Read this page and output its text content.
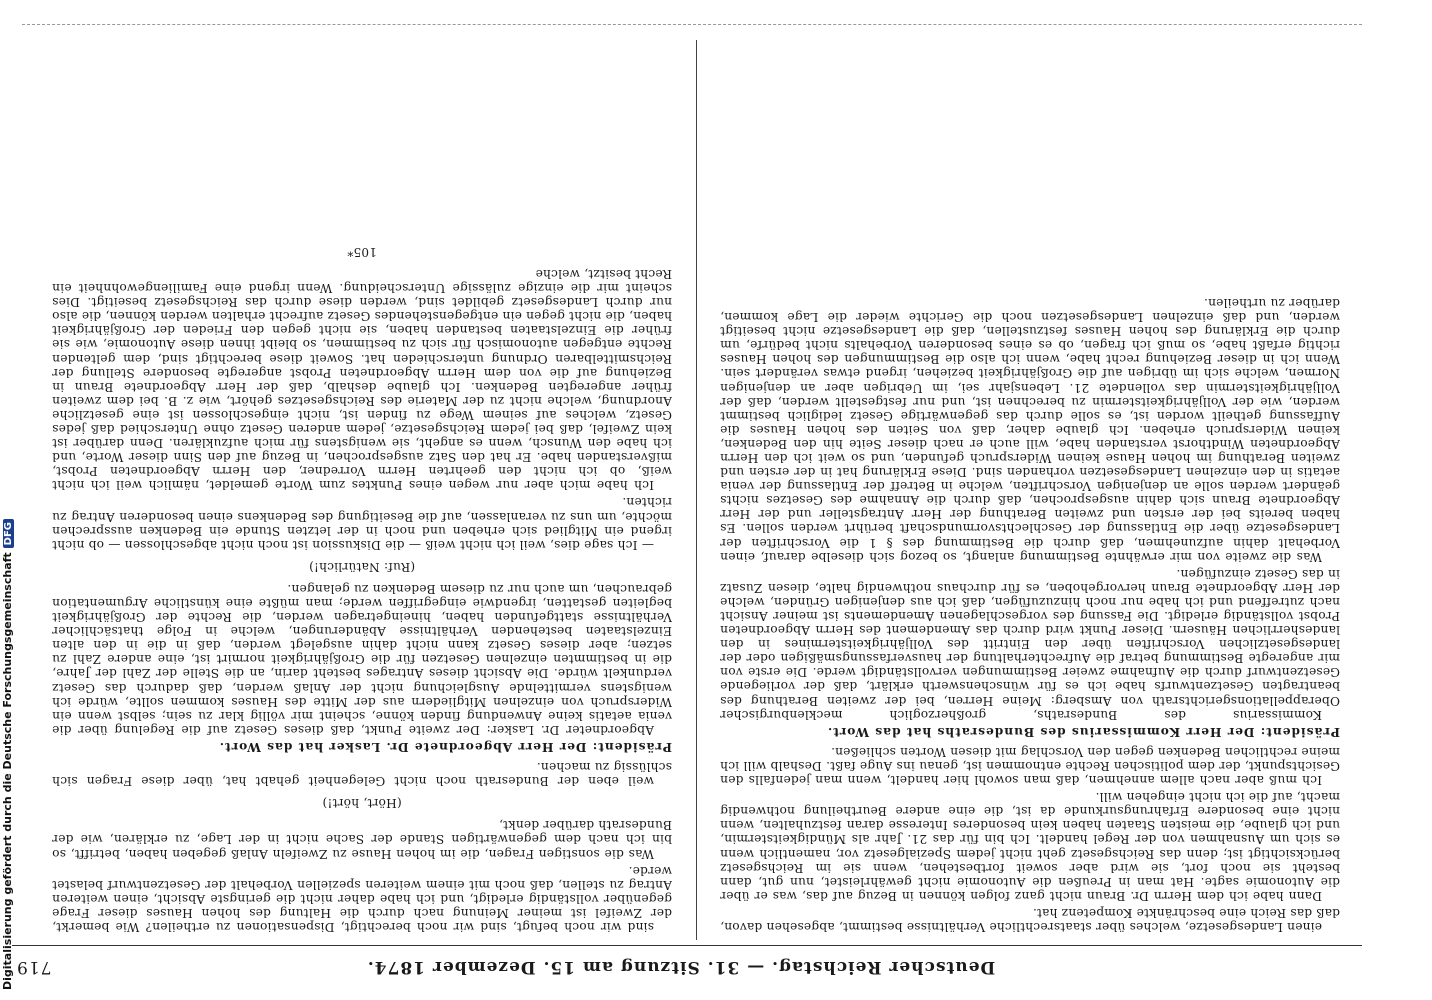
Deutscher Reichstag. — 31. Sitzung am 15. Dezember 1874.
719

einen Landesgesetze, welches über staatsrechtliche Verhältnisse bestimmt, abgesehen davon, daß das Reich eine beschränkte Kompetenz hat.

Dann habe ich dem Herrn Dr. Braun nicht ganz folgen können in Bezug auf das, was er über die Autonomie sagte. Hat man in Preußen die Autonomie nicht gewährleistet, nun gut, dann besteht sie noch fort, sie wird aber soweit fortbestehen, wenn sie im Reichsgesetz berücksichtigt ist; denn das Reichsgesetz geht nicht jedem Spezialgesetz vor, namentlich wenn es sich um Ausnahmen von der Regel handelt. Ich bin für das 21. Jahr als Mündigkeitstermin, und ich glaube, die meisten Staaten haben kein besonderes Interesse daran festzuhalten, wenn nicht eine besondere Erfahrungsurkunde da ist, die eine andere Beurtheilung nothwendig macht, auf die ich nicht eingehen will.

Ich muß aber nach allem annehmen, daß man sowohl hier handelt, wenn man jedenfalls den Gesichtspunkt, der dem politischen Rechte entnommen ist, genau ins Auge faßt. Deshalb will ich meine rechtlichen Bedenken gegen den Vorschlag mit diesen Worten schließen.

Präsident: Der Herr Kommissarius des Bundesraths hat das Wort.

Kommissarius des Bundesraths, großherzoglich mecklenburgischer Oberappellationsgerichtsrath von Amsberg: Meine Herren, bei der zweiten Berathung des beantragten Gesetzentwurfs habe ich es für wünschenswerth erklärt, daß der vorliegende Gesetzentwurf durch die Aufnahme zweier Bestimmungen vervollständigt werde. Die erste von mir angeregte Bestimmung betraf die Aufrechterhaltung der hausverfassungsmäßigen oder der landesgesetzlichen Vorschriften über den Eintritt des Volljährigkeitstermines in den landesherrlichen Häusern. Dieser Punkt wird durch das Amendement des Herrn Abgeordneten Probst vollständig erledigt. Die Fassung des vorgeschlagenen Amendements ist meiner Ansicht nach zutreffend und ich habe nur noch hinzuzufügen, daß ich aus denjenigen Gründen, welche der Herr Abgeordnete Braun hervorgehoben, es für durchaus nothwendig halte, diesen Zusatz in das Gesetz einzufügen.

Was die zweite von mir erwähnte Bestimmung anlangt, so bezog sich dieselbe darauf, einen Vorbehalt dahin aufzunehmen, daß durch die Bestimmung des § 1 die Vorschriften der Landesgesetze über die Entlassung der Geschlechtsvormundschaft berührt werden sollen. Es haben bereits bei der ersten und zweiten Berathung der Herr Antragsteller und der Herr Abgeordnete Braun sich dahin ausgesprochen, daß durch die Annahme des Gesetzes nichts geändert werden solle an denjenigen Vorschriften, welche in Betreff der Entlassung der venia aetatis in den einzelnen Landesgesetzen vorhanden sind. Diese Erklärung hat in der ersten und zweiten Berathung im hohen Hause keinen Widerspruch gefunden, und so weit ich den Herrn Abgeordneten Windthorst verstanden habe, will auch er nach dieser Seite hin den Bedenken, keinen Widerspruch erheben. Ich glaube daher, daß von Seiten des hohen Hauses die Auffassung getheilt worden ist, es solle durch das gegenwärtige Gesetz lediglich bestimmt werden, wie der Volljährigkeitstermin zu berechnen ist, und nur festgestellt werden, daß der Volljährigkeitstermin das vollendete 21. Lebensjahr sei, im Uebrigen aber an denjenigen Normen, welche sich im übrigen auf die Großjährigkeit beziehen, irgend etwas verändert sein. Wenn ich in dieser Beziehung recht habe, wenn ich also die Bestimmungen des hohen Hauses richtig erfaßt habe, so muß ich fragen, ob es eines besonderen Vorbehalts nicht bedürfe, um durch die Erklärung des hohen Hauses festzustellen, daß die Landesgesetze nicht beseitigt werden, und daß einzelnen Landesgesetzen noch die Gerichte wieder die Lage kommen, darüber zu urtheilen.

sind wir noch befugt, sind wir noch berechtigt, Dispensationen zu ertheilen? Wie bemerkt, der Zweifel ist meiner Meinung nach durch die Haltung des hohen Hauses dieser Frage gegenüber vollständig erledigt, und ich habe daher nicht die geringste Absicht, einen weiteren Antrag zu stellen, daß noch mit einem weiteren speziellen Vorbehalt der Gesetzentwurf belastet werde.

Was die sonstigen Fragen, die im hohen Hause zu Zweifeln Anlaß gegeben haben, betrifft, so bin ich nach dem gegenwärtigen Stande der Sache nicht in der Lage, zu erklären, wie der Bundesrath darüber denkt,

(Hört, hört!)

weil eben der Bundesrath noch nicht Gelegenheit gehabt hat, über diese Fragen sich schlüssig zu machen.

Präsident: Der Herr Abgeordnete Dr. Lasker hat das Wort.

Abgeordneter Dr. Lasker: Der zweite Punkt, daß dieses Gesetz auf die Regelung über die venia aetatis keine Anwendung finden könne, scheint mir völlig klar zu sein; selbst wenn ein Widerspruch von einzelnen Mitgliedern aus der Mitte des Hauses kommen sollte, würde ich wenigstens vermittelnde Ausgleichung nicht der Anlaß werden, daß dadurch das Gesetz verdunkelt würde. Die Absicht dieses Antrages besteht darin, an die Stelle der Zahl der Jahre, die in bestimmten einzelnen Gesetzen für die Großjährigkeit normirt ist, eine andere Zahl zu setzen; aber dieses Gesetz kann nicht dahin ausgelegt werden, daß in die in den alten Einzelstaaten bestehenden Verhältnisse Abänderungen, welche in Folge thatsächlicher Verhältnisse stattgefunden haben, hineingetragen werden, die Rechte der Großjährigkeit begleiten gestatten, irgendwie eingegriffen werde; man müßte eine künstliche Argumentation gebrauchen, um auch nur zu diesem Bedenken zu gelangen.

(Ruf: Natürlich!)

— Ich sage dies, weil ich nicht weiß — die Diskussion ist noch nicht abgeschlossen — ob nicht irgend ein Mitglied sich erheben und noch in der letzten Stunde ein Bedenken aussprechen möchte, um uns zu veranlassen, auf die Beseitigung des Bedenkens einen besonderen Antrag zu richten.

Ich habe mich aber nur wegen eines Punktes zum Worte gemeldet, nämlich weil ich nicht weiß, ob ich nicht den geehrten Herrn Vorredner, den Herrn Abgeordneten Probst, mißverstanden habe. Er hat den Satz ausgesprochen, in Bezug auf den Sinn dieser Worte, und ich habe den Wunsch, wenn es angeht, sie wenigstens für mich aufzuklären. Denn darüber ist kein Zweifel, daß bei jedem Reichsgesetze, jedem anderen Gesetz ohne Unterschied daß jedes Gesetz, welches auf seinem Wege zu finden ist, nicht eingeschlossen ist eine gesetzliche Anordnung, welche nicht zu der Materie des Reichsgesetzes gehört, wie z. B. bei dem zweiten früher angeregten Bedenken. Ich glaube deshalb, daß der Herr Abgeordnete Braun in Beziehung auf die von dem Herrn Abgeordneten Probst angeregte besondere Stellung der Reichsmittelbaren Ordnung unterschieden hat. Soweit diese berechtigt sind, dem geltenden Rechte entgegen autonomisch für sich zu bestimmen, so bleibt ihnen diese Autonomie, wie sie früher die Einzelstaaten bestanden haben, sie nicht gegen den Frieden der Großjährigkeit haben, die nicht gegen ein entgegenstehendes Gesetz aufrecht erhalten werden können, die also nur durch Landesgesetz gebildet sind, werden diese durch das Reichsgesetz beseitigt. Dies scheint mir die einzige zulässige Unterscheidung. Wenn irgend eine Familiengewohnheit ein Recht besitzt, welche

105*
Digitalisierung gefördert durch die Deutsche ForschungsgemeinschaftDFG
